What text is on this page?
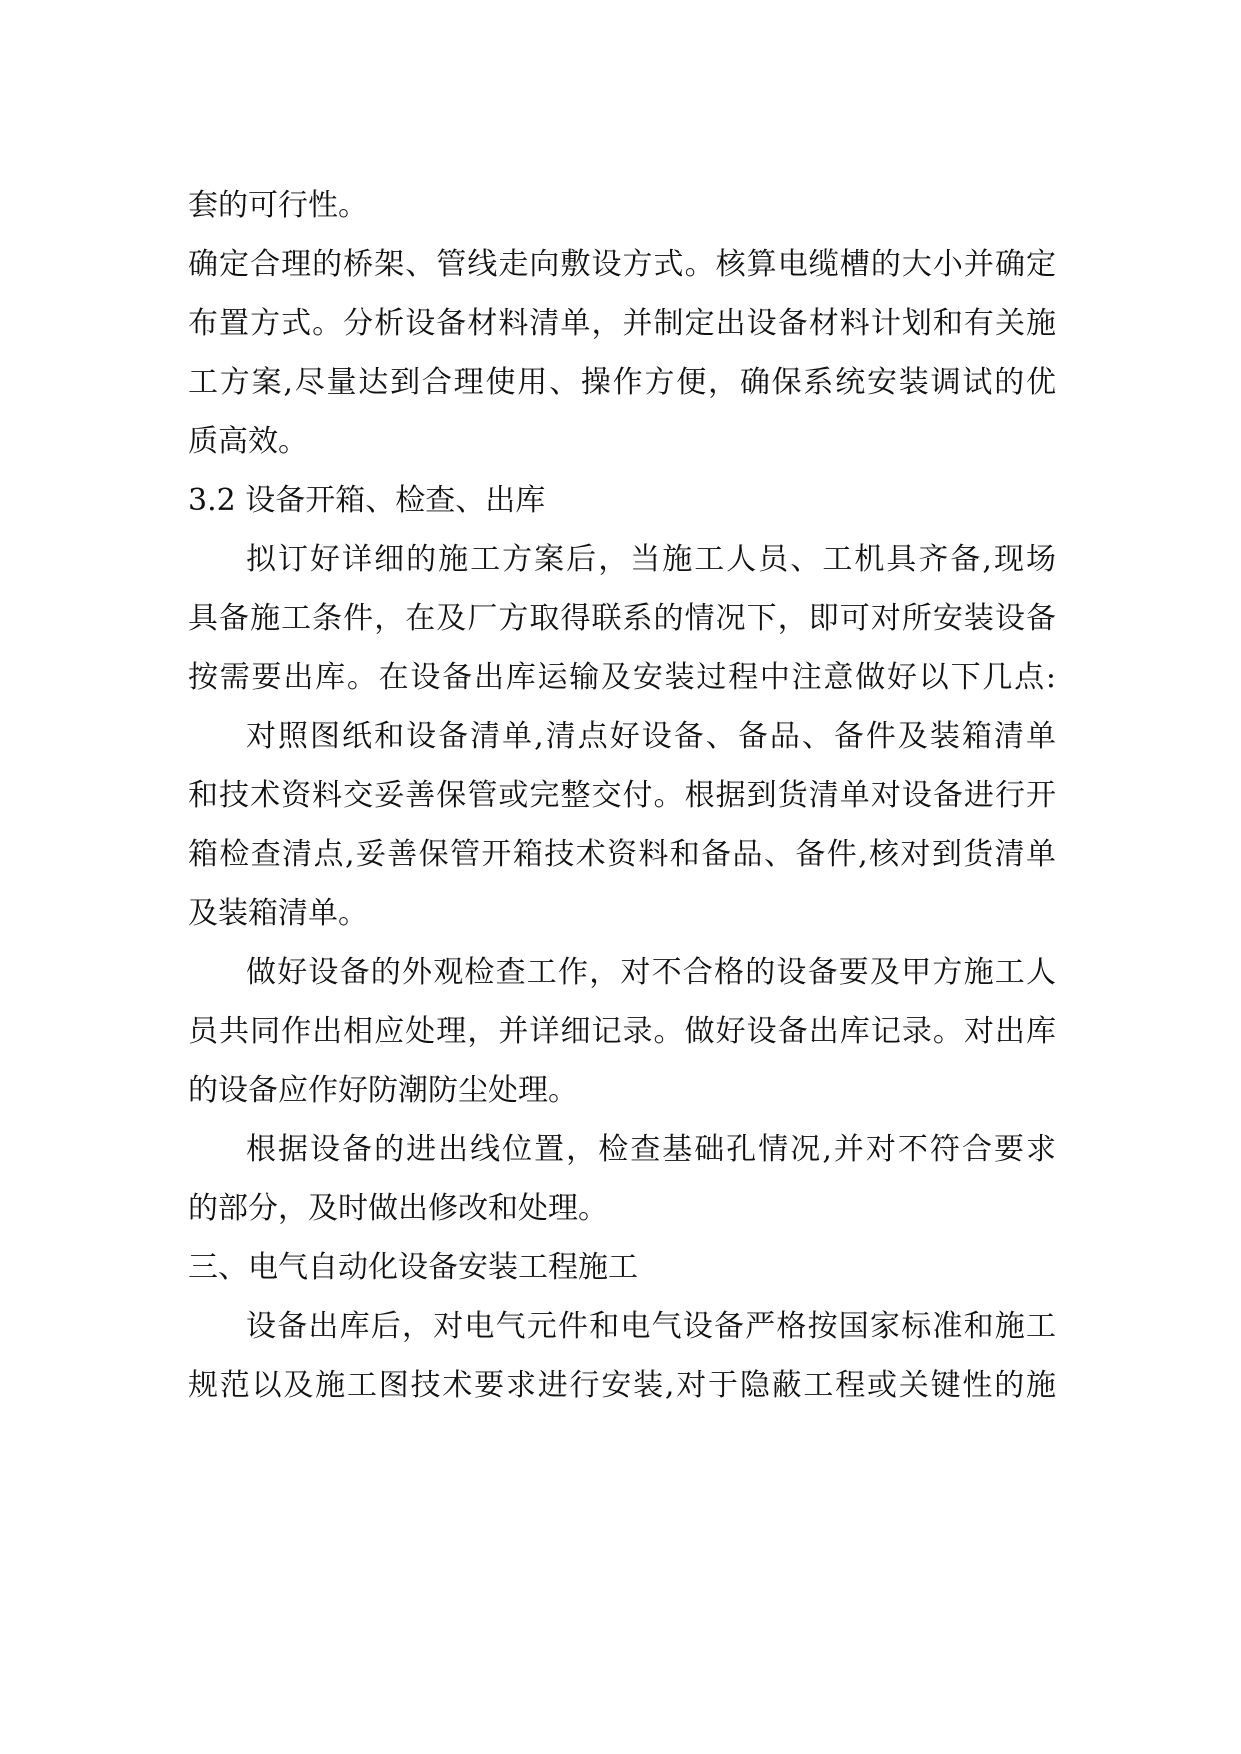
套的可行性。
确定合理的桥架、管线走向敷设方式。核算电缆槽的大小并确定
布置方式。分析设备材料清单，并制定出设备材料计划和有关施
工方案,尽量达到合理使用、操作方便，确保系统安装调试的优
质高效。
3.2 设备开箱、检查、出库
拟订好详细的施工方案后，当施工人员、工机具齐备,现场
具备施工条件，在及厂方取得联系的情况下，即可对所安装设备
按需要出库。在设备出库运输及安装过程中注意做好以下几点:
对照图纸和设备清单,清点好设备、备品、备件及装箱清单
和技术资料交妥善保管或完整交付。根据到货清单对设备进行开
箱检查清点,妥善保管开箱技术资料和备品、备件,核对到货清单
及装箱清单。
做好设备的外观检查工作，对不合格的设备要及甲方施工人
员共同作出相应处理，并详细记录。做好设备出库记录。对出库
的设备应作好防潮防尘处理。
根据设备的进出线位置，检查基础孔情况,并对不符合要求
的部分，及时做出修改和处理。
三、电气自动化设备安装工程施工
设备出库后，对电气元件和电气设备严格按国家标准和施工
规范以及施工图技术要求进行安装,对于隐蔽工程或关键性的施
